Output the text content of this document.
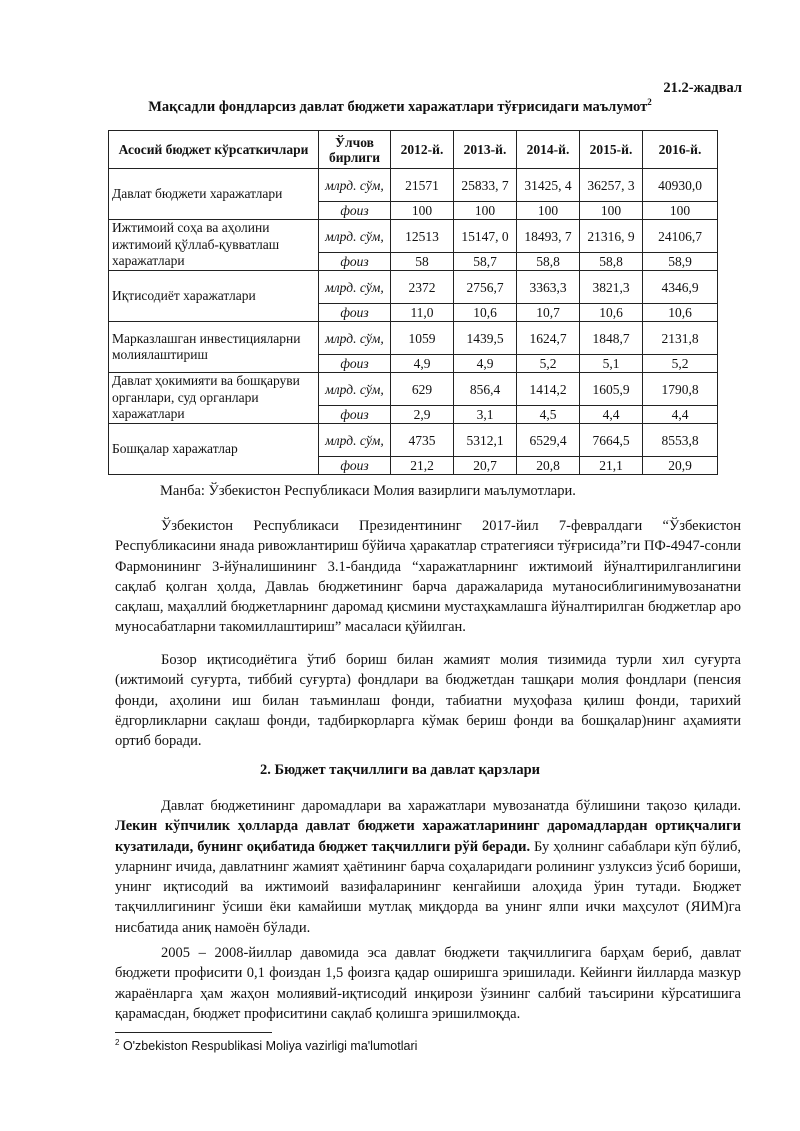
21.2-жадвал
Мақсадли фондларсиз давлат бюджети харажатлари тўғрисидаги маълумот$^2$
Асосий бюджет кўрсаткичлари	Ўлчов бирлиги	2012-й.	2013-й.	2014-й.	2015-й.	2016-й.
Давлат бюджети харажатлари	млрд. сўм,	21571	25833, 7	31425, 4	36257, 3	40930,0
	фоиз	100	100	100	100	100
Ижтимоий соҳа ва аҳолини ижтимоий қўллаб-қувватлаш харажатлари	млрд. сўм,	12513	15147, 0	18493, 7	21316, 9	24106,7
	фоиз	58	58,7	58,8	58,8	58,9
Иқтисодиёт харажатлари	млрд. сўм,	2372	2756,7	3363,3	3821,3	4346,9
	фоиз	11,0	10,6	10,7	10,6	10,6
Марказлашган инвестицияларни молиялаштириш	млрд. сўм,	1059	1439,5	1624,7	1848,7	2131,8
	фоиз	4,9	4,9	5,2	5,1	5,2
Давлат ҳокимияти ва бошқаруви органлари, суд органлари харажатлари	млрд. сўм,	629	856,4	1414,2	1605,9	1790,8
	фоиз	2,9	3,1	4,5	4,4	4,4
Бошқалар харажатлар	млрд. сўм,	4735	5312,1	6529,4	7664,5	8553,8
	фоиз	21,2	20,7	20,8	21,1	20,9
Манба: Ўзбекистон Республикаси Молия вазирлиги маълумотлари.

Ўзбекистон Республикаси Президентининг 2017-йил 7-февралдаги “Ўзбекистон Республикасини янада ривожлантириш бўйича ҳаракатлар стратегияси тўғрисида”ги ПФ-4947-сонли Фармонининг 3-йўналишининг 3.1-бандида “харажатларнинг ижтимоий йўналтирилганлигини сақлаб қолган ҳолда, Давлаь бюджетининг барча даражаларида мутаносиблигинимувозанатни сақлаш, маҳаллий бюджетларнинг даромад қисмини мустаҳкамлашга йўналтирилган бюджетлар аро муносабатларни такомиллаштириш” масаласи қўйилган.

Бозор иқтисодиётига ўтиб бориш билан жамият молия тизимида турли хил суғурта (ижтимоий суғурта, тиббий суғурта) фондлари ва бюджетдан ташқари молия фондлари (пенсия фонди, аҳолини иш билан таъминлаш фонди, табиатни муҳофаза қилиш фонди, тарихий ёдгорликларни сақлаш фонди, тадбиркорларга кўмак бериш фонди ва бошқалар)нинг аҳамияти ортиб боради.

2. Бюджет тақчиллиги ва давлат қарзлари

Давлат бюджетининг даромадлари ва харажатлари мувозанатда бўлишини тақозо қилади. Лекин кўпчилик ҳолларда давлат бюджети харажатларининг даромадлардан ортиқчалиги кузатилади, бунинг оқибатида бюджет тақчиллиги рўй беради. Бу ҳолнинг сабаблари кўп бўлиб, уларнинг ичида, давлатнинг жамият ҳаётининг барча соҳаларидаги ролининг узлуксиз ўсиб бориши, унинг иқтисодий ва ижтимоий вазифаларининг кенгайиши алоҳида ўрин тутади. Бюджет тақчиллигининг ўсиши ёки камайиши мутлақ миқдорда ва унинг ялпи ички маҳсулот (ЯИМ)га нисбатида аниқ намоён бўлади.

2005 – 2008-йиллар давомида эса давлат бюджети тақчиллигига барҳам бериб, давлат бюджети профисити 0,1 фоиздан 1,5 фоизга қадар оширишга эришилади. Кейинги йилларда мазкур жараёнларга ҳам жаҳон молиявий-иқтисодий инқирози ўзининг салбий таъсирини кўрсатишига қарамасдан, бюджет профиситини сақлаб қолишга эришилмоқда.

$^2$ O'zbekiston Respublikasi Moliya vazirligi ma'lumotlari
